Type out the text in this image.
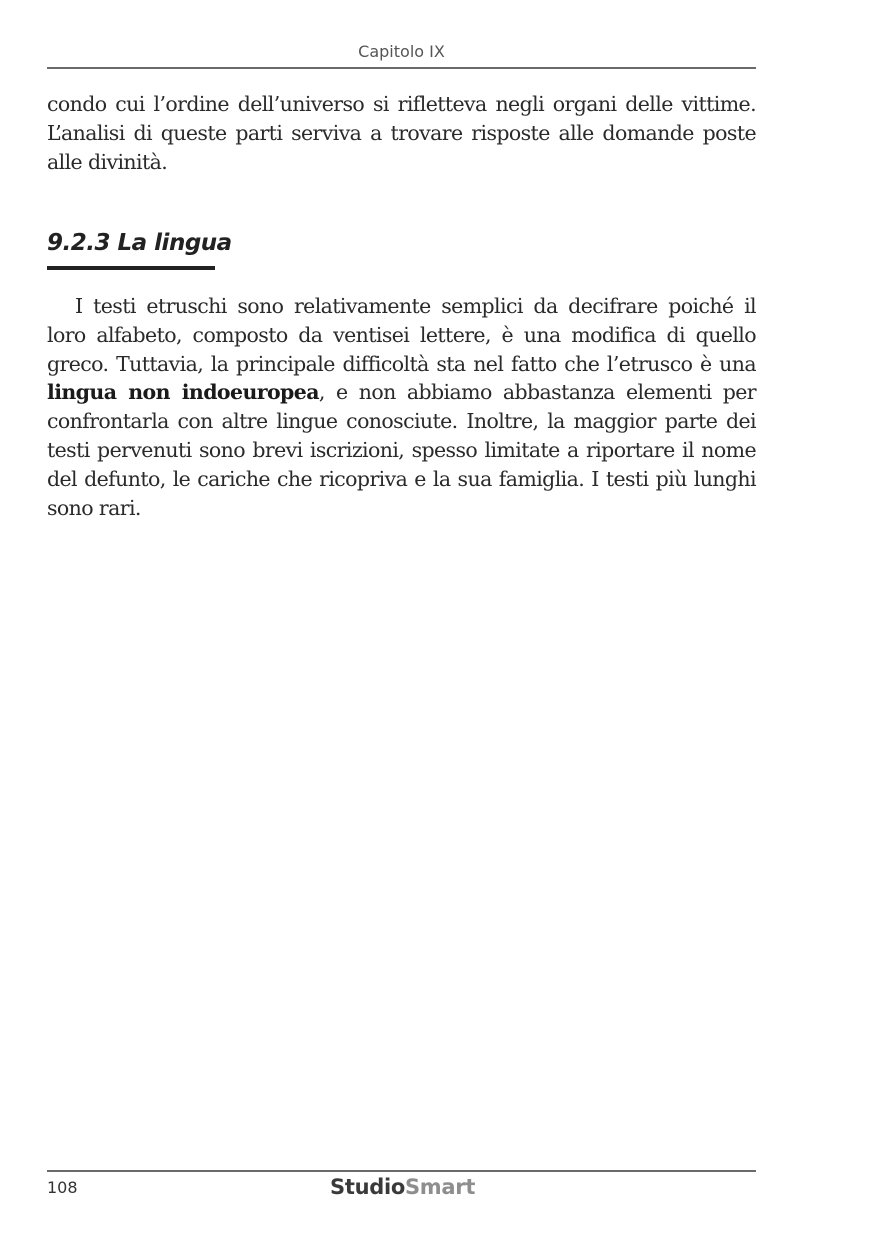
Capitolo IX

condo cui l’ordine dell’universo si rifletteva negli organi delle vittime. L’analisi di queste parti serviva a trovare risposte alle domande poste alle divinità.

9.2.3 La lingua

I testi etruschi sono relativamente semplici da decifrare poiché il loro alfabeto, composto da ventisei lettere, è una modifica di quello greco. Tuttavia, la principale difficoltà sta nel fatto che l’etrusco è una lingua non indoeuropea, e non abbiamo abbastanza elementi per confrontarla con altre lingue conosciute. Inoltre, la maggior parte dei testi pervenuti sono brevi iscrizioni, spesso limitate a riportare il nome del defunto, le cariche che ricopriva e la sua famiglia. I testi più lunghi sono rari.

108	StudioSmart
